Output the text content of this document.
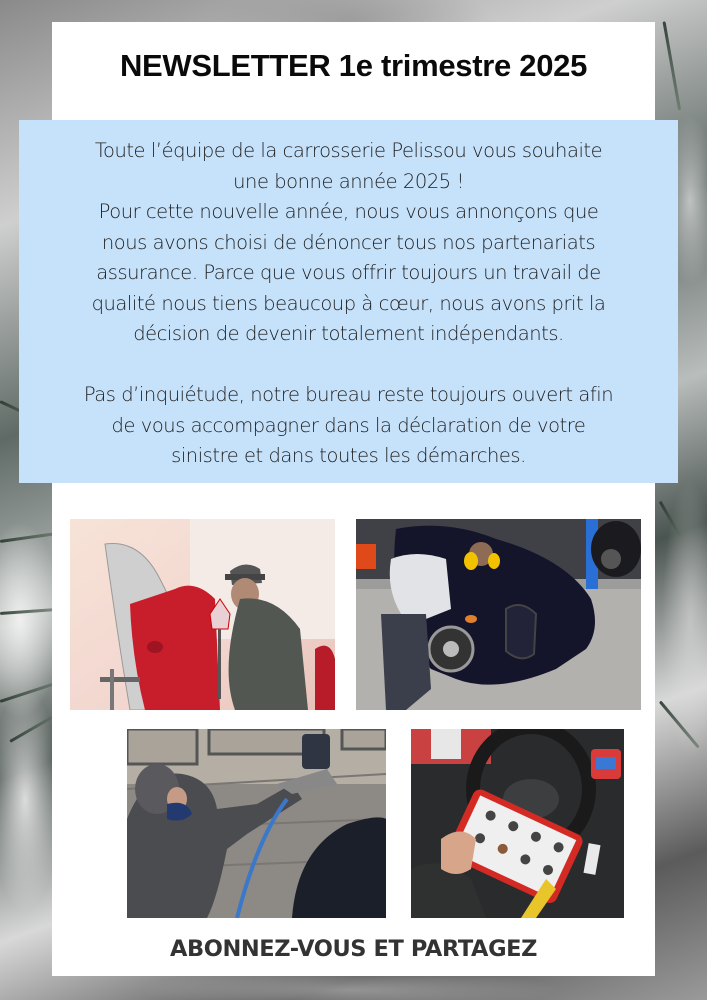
NEWSLETTER 1e trimestre 2025

Toute l’équipe de la carrosserie Pelissou vous souhaite

une bonne année 2025 !

Pour cette nouvelle année, nous vous annonçons que

nous avons choisi de dénoncer tous nos partenariats

assurance. Parce que vous offrir toujours un travail de

qualité nous tiens beaucoup à cœur, nous avons prit la

décision de devenir totalement indépendants.

Pas d’inquiétude, notre bureau reste toujours ouvert afin

de vous accompagner dans la déclaration de votre

sinistre et dans toutes les démarches.

ABONNEZ-VOUS ET PARTAGEZ
